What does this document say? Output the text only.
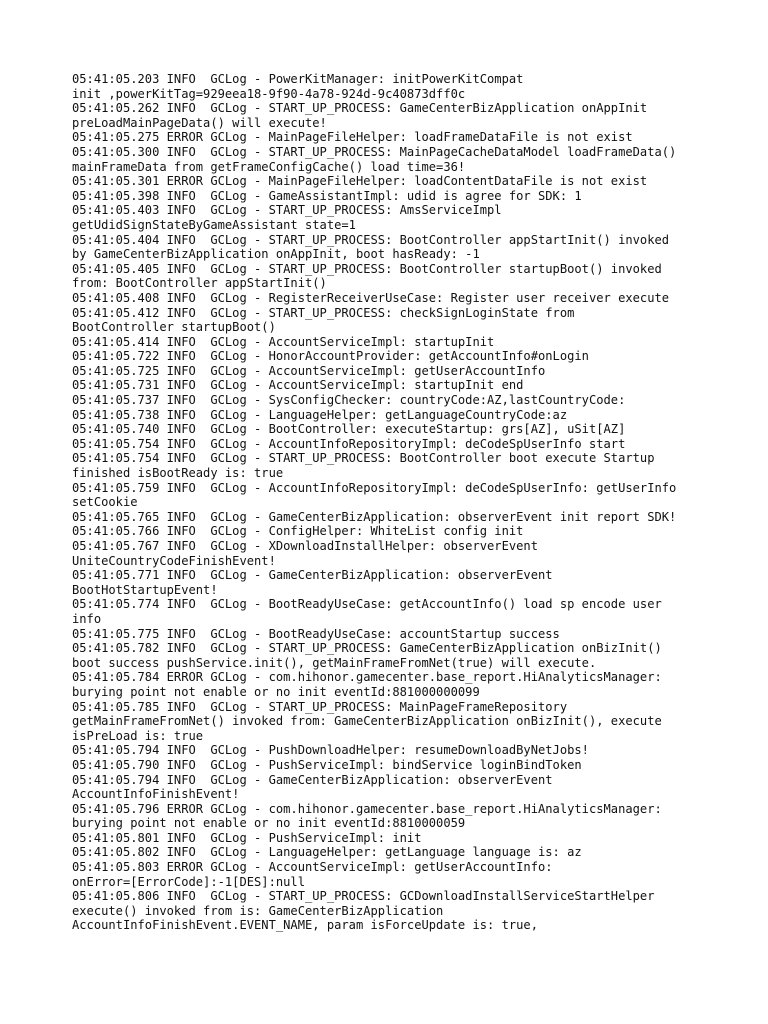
05:41:05.203 INFO  GCLog - PowerKitManager: initPowerKitCompat
init ,powerKitTag=929eea18-9f90-4a78-924d-9c40873dff0c
05:41:05.262 INFO  GCLog - START_UP_PROCESS: GameCenterBizApplication onAppInit
preLoadMainPageData() will execute!
05:41:05.275 ERROR GCLog - MainPageFileHelper: loadFrameDataFile is not exist
05:41:05.300 INFO  GCLog - START_UP_PROCESS: MainPageCacheDataModel loadFrameData()
mainFrameData from getFrameConfigCache() load time=36!
05:41:05.301 ERROR GCLog - MainPageFileHelper: loadContentDataFile is not exist
05:41:05.398 INFO  GCLog - GameAssistantImpl: udid is agree for SDK: 1
05:41:05.403 INFO  GCLog - START_UP_PROCESS: AmsServiceImpl
getUdidSignStateByGameAssistant state=1
05:41:05.404 INFO  GCLog - START_UP_PROCESS: BootController appStartInit() invoked
by GameCenterBizApplication onAppInit, boot hasReady: -1
05:41:05.405 INFO  GCLog - START_UP_PROCESS: BootController startupBoot() invoked
from: BootController appStartInit()
05:41:05.408 INFO  GCLog - RegisterReceiverUseCase: Register user receiver execute
05:41:05.412 INFO  GCLog - START_UP_PROCESS: checkSignLoginState from
BootController startupBoot()
05:41:05.414 INFO  GCLog - AccountServiceImpl: startupInit
05:41:05.722 INFO  GCLog - HonorAccountProvider: getAccountInfo#onLogin
05:41:05.725 INFO  GCLog - AccountServiceImpl: getUserAccountInfo
05:41:05.731 INFO  GCLog - AccountServiceImpl: startupInit end
05:41:05.737 INFO  GCLog - SysConfigChecker: countryCode:AZ,lastCountryCode:
05:41:05.738 INFO  GCLog - LanguageHelper: getLanguageCountryCode:az
05:41:05.740 INFO  GCLog - BootController: executeStartup: grs[AZ], uSit[AZ]
05:41:05.754 INFO  GCLog - AccountInfoRepositoryImpl: deCodeSpUserInfo start
05:41:05.754 INFO  GCLog - START_UP_PROCESS: BootController boot execute Startup
finished isBootReady is: true
05:41:05.759 INFO  GCLog - AccountInfoRepositoryImpl: deCodeSpUserInfo: getUserInfo
setCookie
05:41:05.765 INFO  GCLog - GameCenterBizApplication: observerEvent init report SDK!
05:41:05.766 INFO  GCLog - ConfigHelper: WhiteList config init
05:41:05.767 INFO  GCLog - XDownloadInstallHelper: observerEvent
UniteCountryCodeFinishEvent!
05:41:05.771 INFO  GCLog - GameCenterBizApplication: observerEvent
BootHotStartupEvent!
05:41:05.774 INFO  GCLog - BootReadyUseCase: getAccountInfo() load sp encode user
info
05:41:05.775 INFO  GCLog - BootReadyUseCase: accountStartup success
05:41:05.782 INFO  GCLog - START_UP_PROCESS: GameCenterBizApplication onBizInit()
boot success pushService.init(), getMainFrameFromNet(true) will execute.
05:41:05.784 ERROR GCLog - com.hihonor.gamecenter.base_report.HiAnalyticsManager:
burying point not enable or no init eventId:881000000099
05:41:05.785 INFO  GCLog - START_UP_PROCESS: MainPageFrameRepository
getMainFrameFromNet() invoked from: GameCenterBizApplication onBizInit(), execute
isPreLoad is: true
05:41:05.794 INFO  GCLog - PushDownloadHelper: resumeDownloadByNetJobs!
05:41:05.790 INFO  GCLog - PushServiceImpl: bindService loginBindToken
05:41:05.794 INFO  GCLog - GameCenterBizApplication: observerEvent
AccountInfoFinishEvent!
05:41:05.796 ERROR GCLog - com.hihonor.gamecenter.base_report.HiAnalyticsManager:
burying point not enable or no init eventId:8810000059
05:41:05.801 INFO  GCLog - PushServiceImpl: init
05:41:05.802 INFO  GCLog - LanguageHelper: getLanguage language is: az
05:41:05.803 ERROR GCLog - AccountServiceImpl: getUserAccountInfo:
onError=[ErrorCode]:-1[DES]:null
05:41:05.806 INFO  GCLog - START_UP_PROCESS: GCDownloadInstallServiceStartHelper
execute() invoked from is: GameCenterBizApplication
AccountInfoFinishEvent.EVENT_NAME, param isForceUpdate is: true,
